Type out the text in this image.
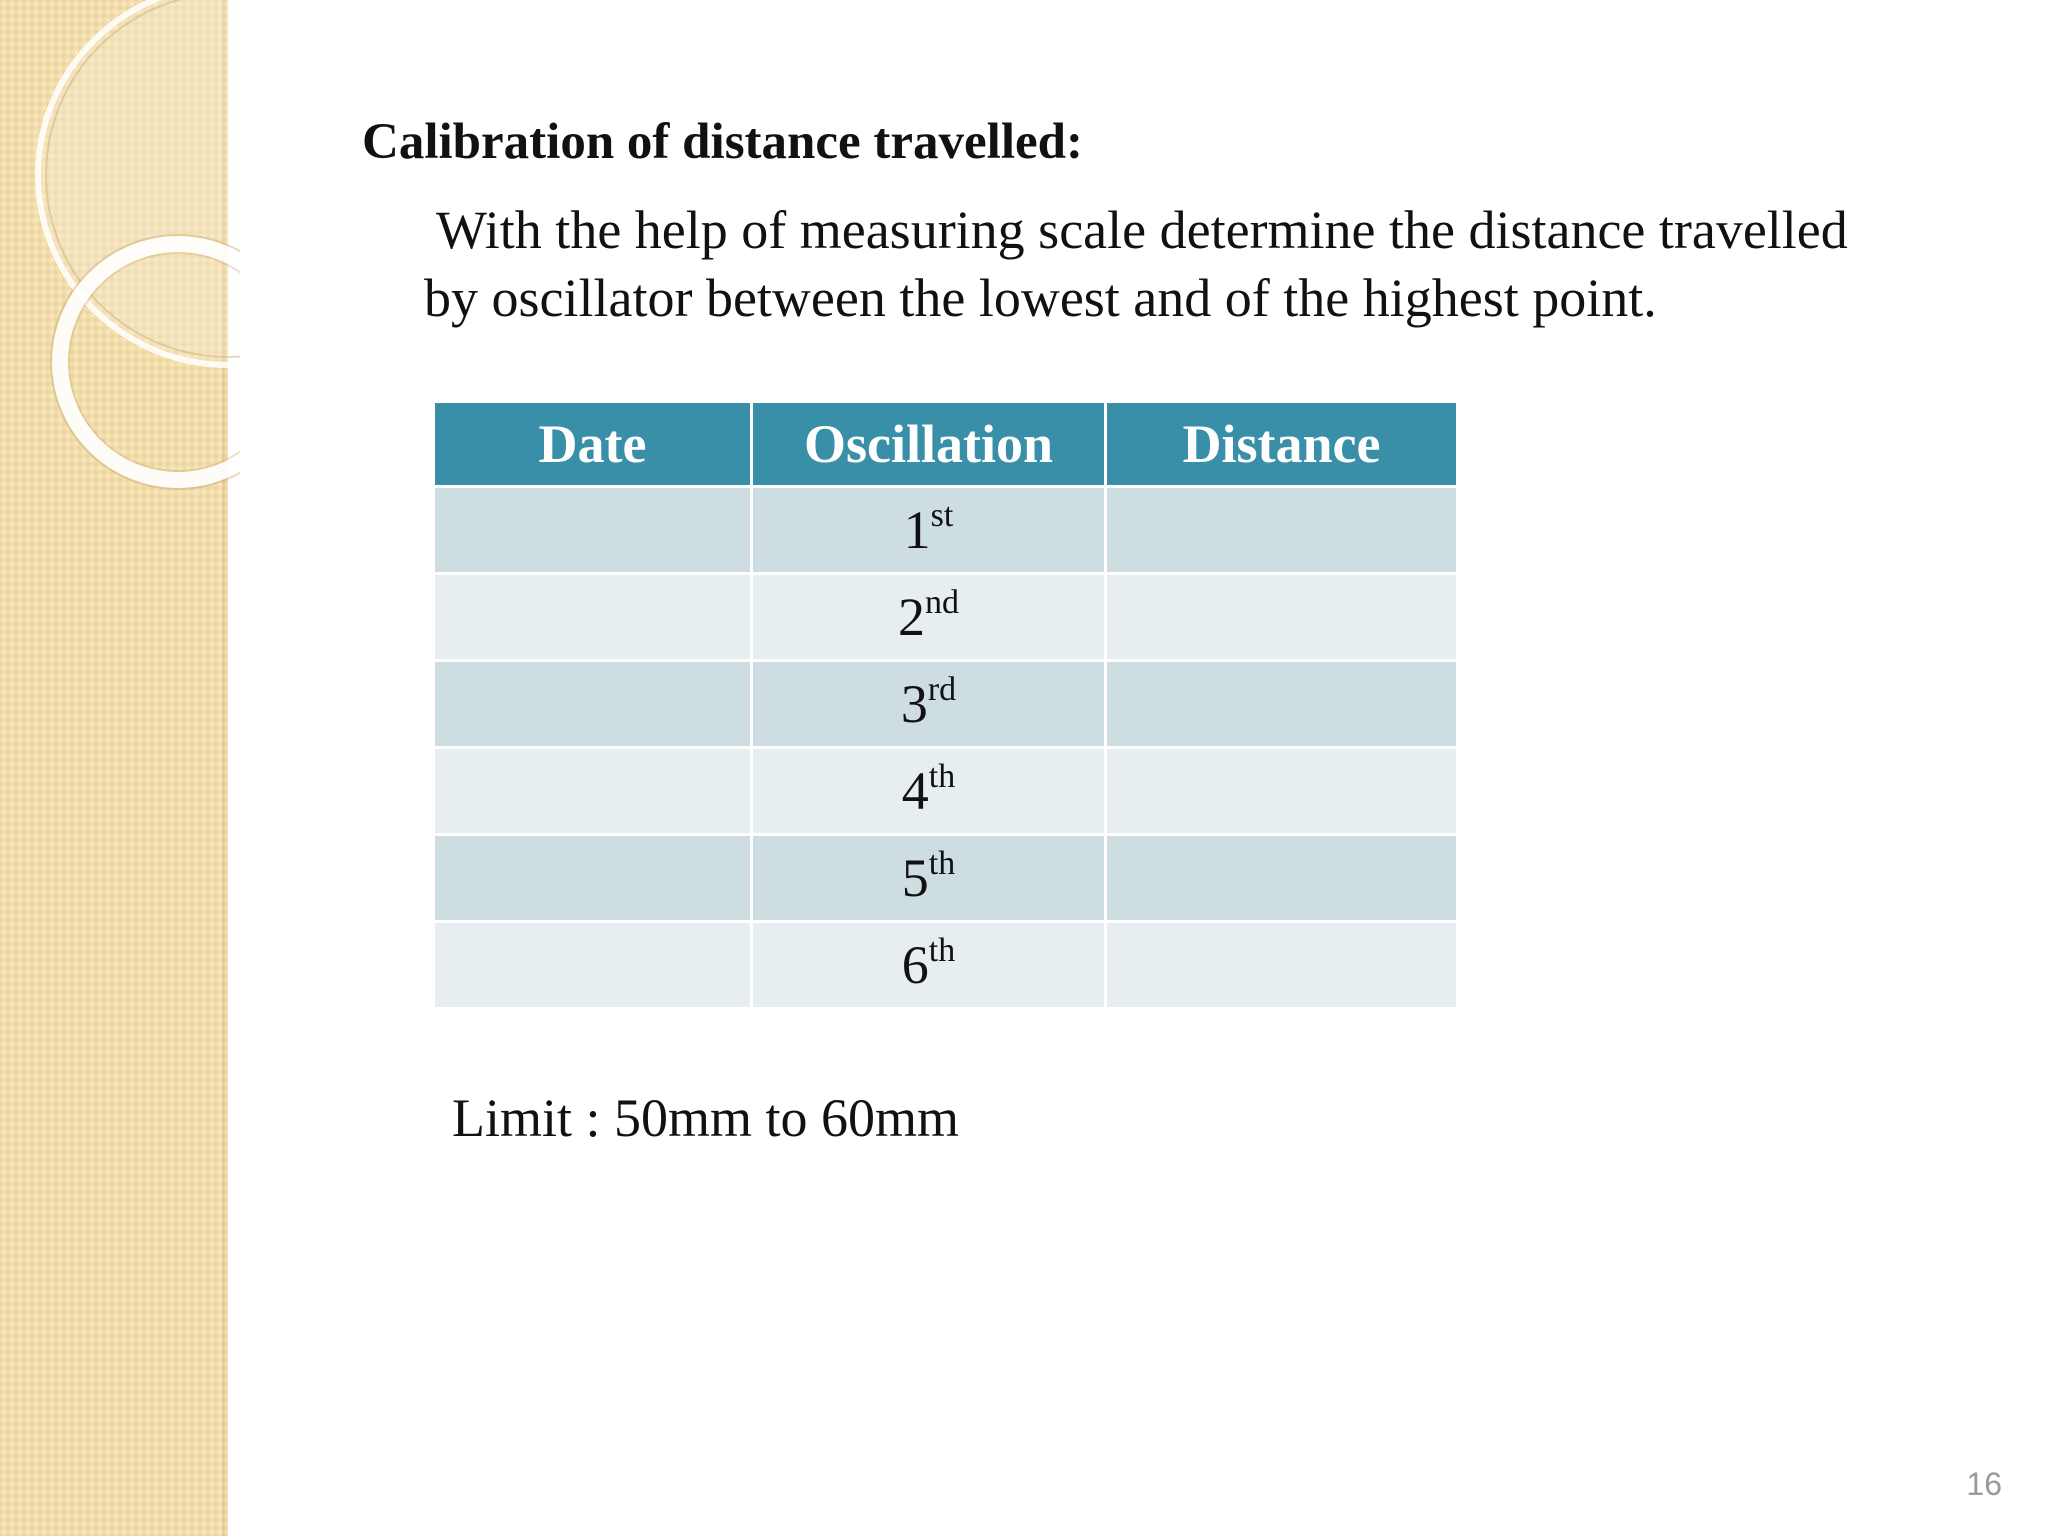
Calibration of distance travelled:

With the help of measuring scale determine the distance travelled
by oscillator between the lowest and of the highest point.

Date	Oscillation	Distance
	1st	
	2nd	
	3rd	
	4th	
	5th	
	6th	

Limit : 50mm to 60mm

16
